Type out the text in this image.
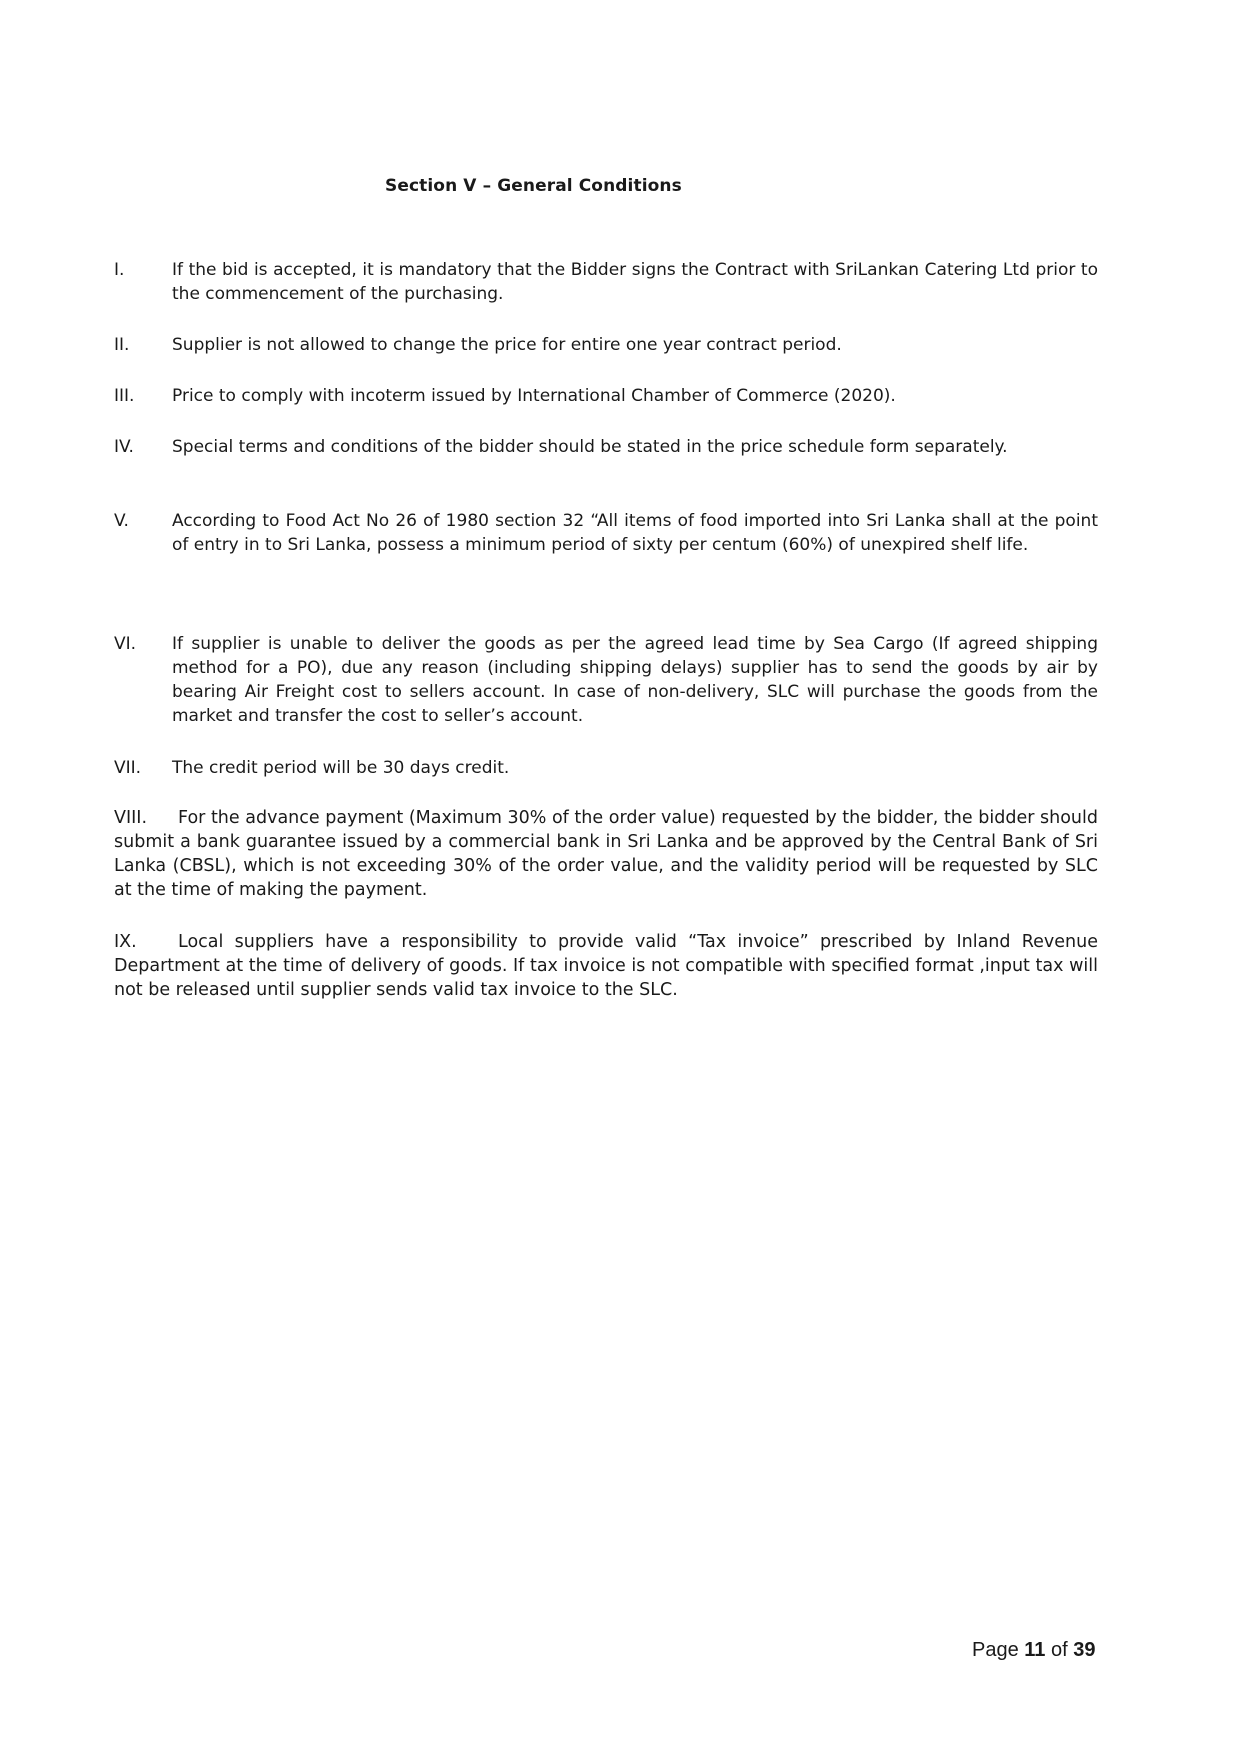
Section V – General Conditions
I.	If the bid is accepted, it is mandatory that the Bidder signs the Contract with SriLankan Catering Ltd prior to the commencement of the purchasing.
II.	Supplier is not allowed to change the price for entire one year contract period.
III.	Price to comply with incoterm issued by International Chamber of Commerce (2020).
IV.	Special terms and conditions of the bidder should be stated in the price schedule form separately.
V.	According to Food Act No 26 of 1980 section 32 “All items of food imported into Sri Lanka shall at the point of entry in to Sri Lanka, possess a minimum period of sixty per centum (60%) of unexpired shelf life.
VI.	If supplier is unable to deliver the goods as per the agreed lead time by Sea Cargo (If agreed shipping method for a PO), due any reason (including shipping delays) supplier has to send the goods by air by bearing Air Freight cost to sellers account. In case of non-delivery, SLC will purchase the goods from the market and transfer the cost to seller’s account.
VII.	The credit period will be 30 days credit.
VIII. For the advance payment (Maximum 30% of the order value) requested by the bidder, the bidder should submit a bank guarantee issued by a commercial bank in Sri Lanka and be approved by the Central Bank of Sri Lanka (CBSL), which is not exceeding 30% of the order value, and the validity period will be requested by SLC at the time of making the payment.
IX. Local suppliers have a responsibility to provide valid “Tax invoice” prescribed by Inland Revenue Department at the time of delivery of goods. If tax invoice is not compatible with specified format ,input tax will not be released until supplier sends valid tax invoice to the SLC.
Page 11 of 39
